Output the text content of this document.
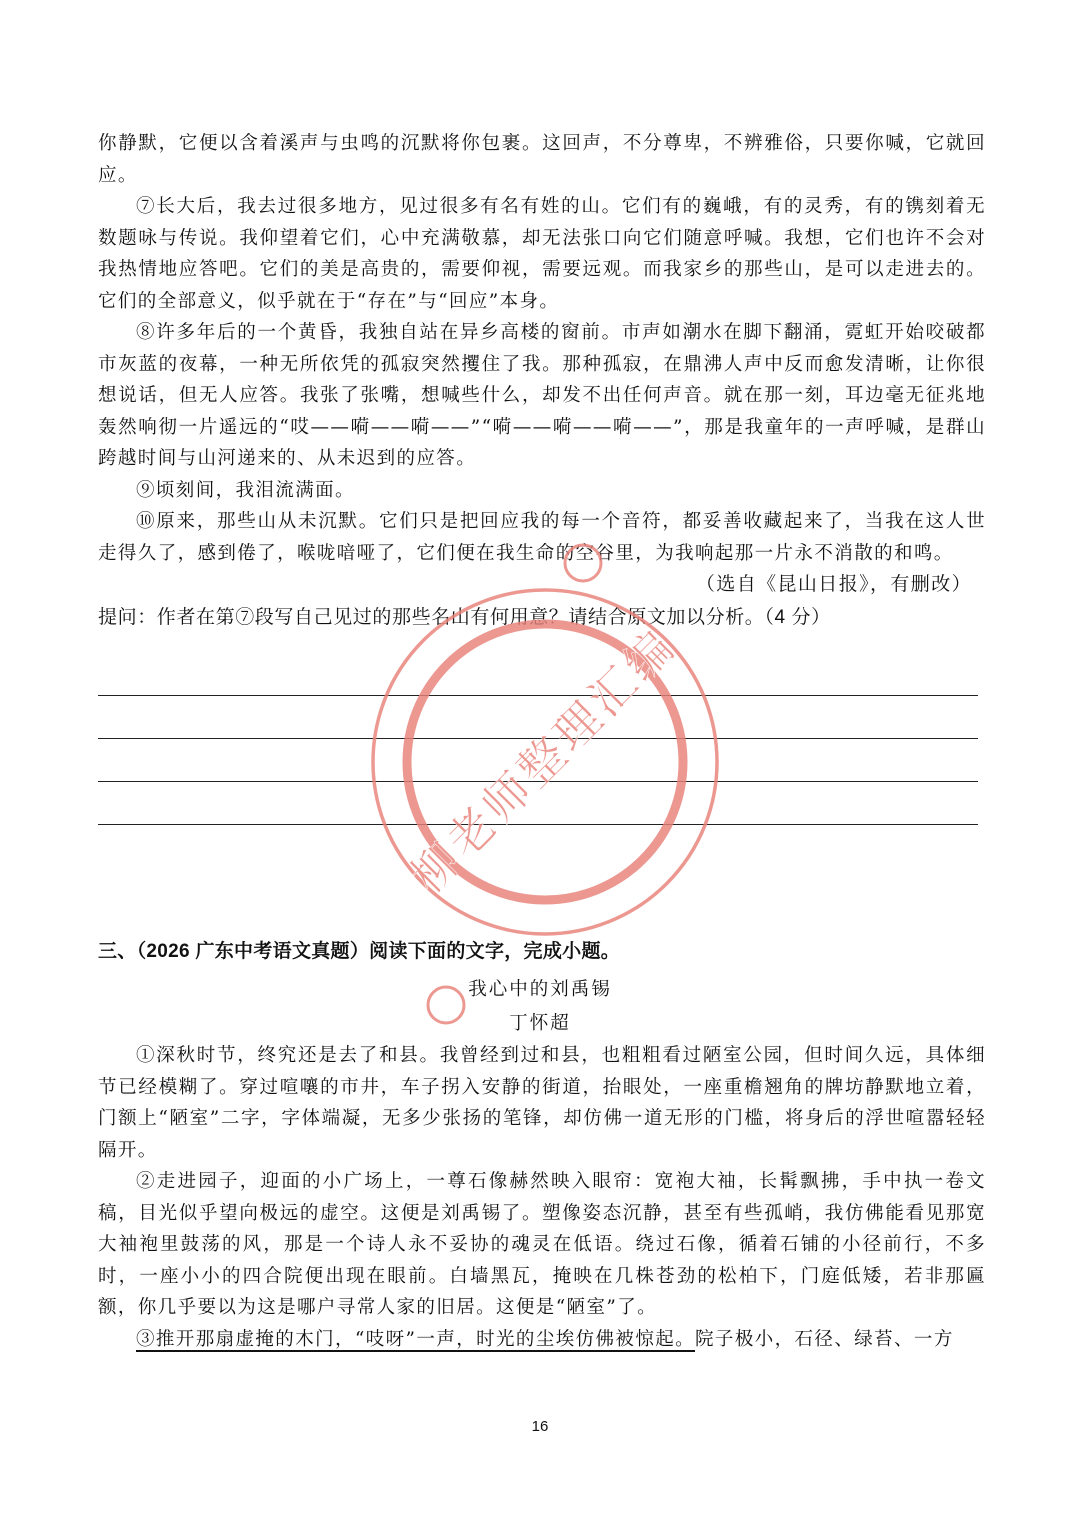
你静默，它便以含着溪声与虫鸣的沉默将你包裹。这回声，不分尊卑，不辨雅俗，只要你喊，它就回应。

⑦长大后，我去过很多地方，见过很多有名有姓的山。它们有的巍峨，有的灵秀，有的镌刻着无数题咏与传说。我仰望着它们，心中充满敬慕，却无法张口向它们随意呼喊。我想，它们也许不会对我热情地应答吧。它们的美是高贵的，需要仰视，需要远观。而我家乡的那些山，是可以走进去的。它们的全部意义，似乎就在于“存在”与“回应”本身。

⑧许多年后的一个黄昏，我独自站在异乡高楼的窗前。市声如潮水在脚下翻涌，霓虹开始咬破都市灰蓝的夜幕，一种无所依凭的孤寂突然攫住了我。那种孤寂，在鼎沸人声中反而愈发清晰，让你很想说话，但无人应答。我张了张嘴，想喊些什么，却发不出任何声音。就在那一刻，耳边毫无征兆地轰然响彻一片遥远的“哎——嗬——嗬——”“嗬——嗬——嗬——”，那是我童年的一声呼喊，是群山跨越时间与山河递来的、从未迟到的应答。

⑨顷刻间，我泪流满面。

⑩原来，那些山从未沉默。它们只是把回应我的每一个音符，都妥善收藏起来了，当我在这人世走得久了，感到倦了，喉咙喑哑了，它们便在我生命的空谷里，为我响起那一片永不消散的和鸣。

（选自《昆山日报》，有删改）

提问：作者在第⑦段写自己见过的那些名山有何用意？请结合原文加以分析。（4 分）

三、（2026 广东中考语文真题）阅读下面的文字，完成小题。
我心中的刘禹锡
丁怀超

①深秋时节，终究还是去了和县。我曾经到过和县，也粗粗看过陋室公园，但时间久远，具体细节已经模糊了。穿过喧嚷的市井，车子拐入安静的街道，抬眼处，一座重檐翘角的牌坊静默地立着，门额上“陋室”二字，字体端凝，无多少张扬的笔锋，却仿佛一道无形的门槛，将身后的浮世喧嚣轻轻隔开。

②走进园子，迎面的小广场上，一尊石像赫然映入眼帘：宽袍大袖，长髯飘拂，手中执一卷文稿，目光似乎望向极远的虚空。这便是刘禹锡了。塑像姿态沉静，甚至有些孤峭，我仿佛能看见那宽大袖袍里鼓荡的风，那是一个诗人永不妥协的魂灵在低语。绕过石像，循着石铺的小径前行，不多时，一座小小的四合院便出现在眼前。白墙黑瓦，掩映在几株苍劲的松柏下，门庭低矮，若非那匾额，你几乎要以为这是哪户寻常人家的旧居。这便是“陋室”了。

③推开那扇虚掩的木门，“吱呀”一声，时光的尘埃仿佛被惊起。院子极小，石径、绿苔、一方

16
柳老师整理汇编
